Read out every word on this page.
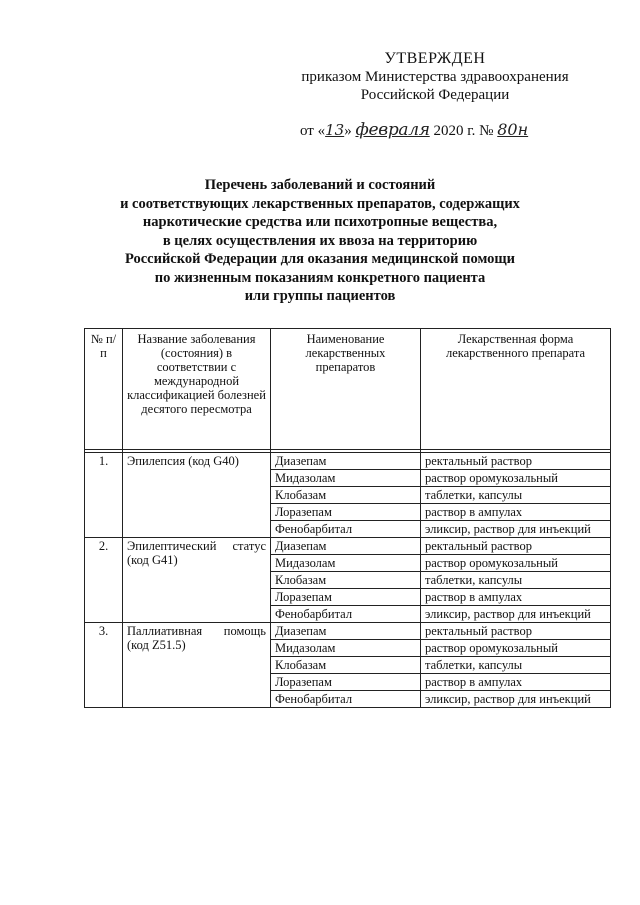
УТВЕРЖДЕН
приказом Министерства здравоохранения
Российской Федерации
от «13» февраля 2020 г. № 80н
Перечень заболеваний и состояний
и соответствующих лекарственных препаратов, содержащих
наркотические средства или психотропные вещества,
в целях осуществления их ввоза на территорию
Российской Федерации для оказания медицинской помощи
по жизненным показаниям конкретного пациента
или группы пациентов
№ п/п	Название заболевания (состояния) в соответствии с международной классификацией болезней десятого пересмотра	Наименование лекарственных препаратов	Лекарственная форма лекарственного препарата

1.	Эпилепсия (код G40)	Диазепам	ректальный раствор
		Мидазолам	раствор оромукозальный
		Клобазам	таблетки, капсулы
		Лоразепам	раствор в ампулах
		Фенобарбитал	эликсир, раствор для инъекций
2.	Эпилептический статус (код G41)	Диазепам	ректальный раствор
		Мидазолам	раствор оромукозальный
		Клобазам	таблетки, капсулы
		Лоразепам	раствор в ампулах
		Фенобарбитал	эликсир, раствор для инъекций
3.	Паллиативная помощь (код Z51.5)	Диазепам	ректальный раствор
		Мидазолам	раствор оромукозальный
		Клобазам	таблетки, капсулы
		Лоразепам	раствор в ампулах
		Фенобарбитал	эликсир, раствор для инъекций
